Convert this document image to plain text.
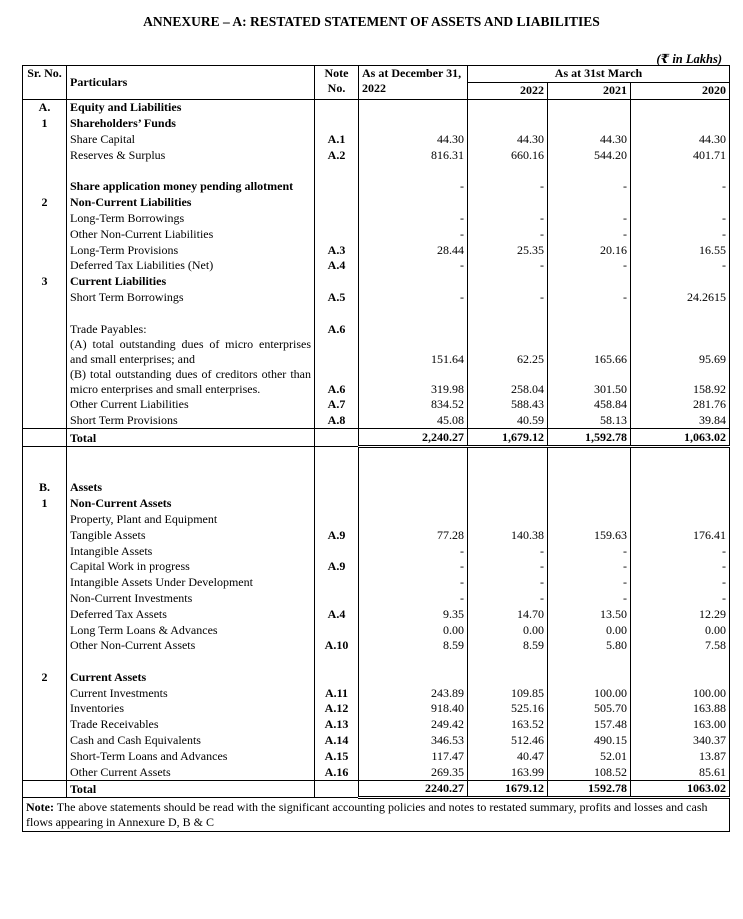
ANNEXURE – A: RESTATED STATEMENT OF ASSETS AND LIABILITIES
(₹ in Lakhs)
Sr. No.	Particulars	Note No.	As at December 31, 2022	As at 31st March		
				2022	2021	2020
A.	Equity and Liabilities					
1	Shareholders’ Funds					
	Share Capital	A.1	44.30	44.30	44.30	44.30
	Reserves & Surplus	A.2	816.31	660.16	544.20	401.71

	Share application money pending allotment		-	-	-	-
2	Non-Current Liabilities					
	Long-Term Borrowings		-	-	-	-
	Other Non-Current Liabilities		-	-	-	-
	Long-Term Provisions	A.3	28.44	25.35	20.16	16.55
	Deferred Tax Liabilities (Net)	A.4	-	-	-	-
3	Current Liabilities					
	Short Term Borrowings	A.5	-	-	-	24.2615

	Trade Payables:	A.6				
	(A) total outstanding dues of micro enterprises and small enterprises; and		151.64	62.25	165.66	95.69
	(B) total outstanding dues of creditors other than micro enterprises and small enterprises.	A.6	319.98	258.04	301.50	158.92
	Other Current Liabilities	A.7	834.52	588.43	458.84	281.76
	Short Term Provisions	A.8	45.08	40.59	58.13	39.84
	Total		2,240.27	1,679.12	1,592.78	1,063.02

B.	Assets					
1	Non-Current Assets					
	Property, Plant and Equipment					
	Tangible Assets	A.9	77.28	140.38	159.63	176.41
	Intangible Assets		-	-	-	-
	Capital Work in progress	A.9	-	-	-	-
	Intangible Assets Under Development		-	-	-	-
	Non-Current Investments		-	-	-	-
	Deferred Tax Assets	A.4	9.35	14.70	13.50	12.29
	Long Term Loans & Advances		0.00	0.00	0.00	0.00
	Other Non-Current Assets	A.10	8.59	8.59	5.80	7.58

2	Current Assets					
	Current Investments	A.11	243.89	109.85	100.00	100.00
	Inventories	A.12	918.40	525.16	505.70	163.88
	Trade Receivables	A.13	249.42	163.52	157.48	163.00
	Cash and Cash Equivalents	A.14	346.53	512.46	490.15	340.37
	Short-Term Loans and Advances	A.15	117.47	40.47	52.01	13.87
	Other Current Assets	A.16	269.35	163.99	108.52	85.61
	Total		2240.27	1679.12	1592.78	1063.02
Note: The above statements should be read with the significant accounting policies and notes to restated summary, profits and losses and cash flows appearing in Annexure D, B & C						
